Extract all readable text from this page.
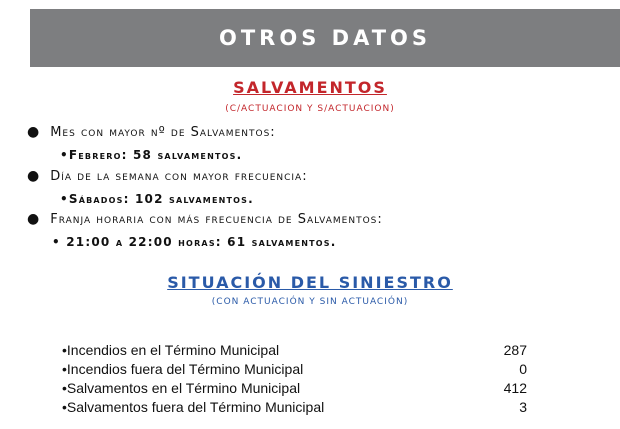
OTROS DATOS
SALVAMENTOS
(C/ACTUACION Y S/ACTUACION)
● Mes con mayor nº de Salvamentos:
•Febrero: 58 salvamentos.
● Día de la semana con mayor frecuencia:
•Sábados: 102 salvamentos.
● Franja horaria con más frecuencia de Salvamentos:
• 21:00 a 22:00 horas: 61 salvamentos.
SITUACIÓN DEL SINIESTRO
(CON ACTUACIÓN Y SIN ACTUACIÓN)
•Incendios en el Término Municipal	287
•Incendios fuera del Término Municipal	0
•Salvamentos en el Término Municipal	412
•Salvamentos fuera del Término Municipal	3
